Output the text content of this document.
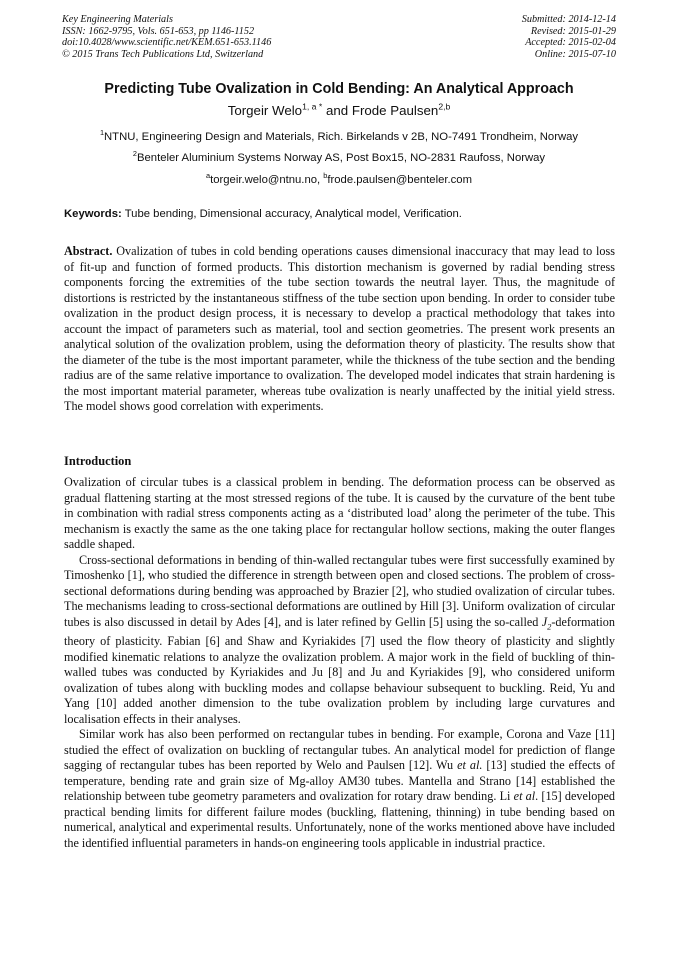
Key Engineering Materials
ISSN: 1662-9795, Vols. 651-653, pp 1146-1152
doi:10.4028/www.scientific.net/KEM.651-653.1146
© 2015 Trans Tech Publications Ltd, Switzerland
Submitted: 2014-12-14
Revised: 2015-01-29
Accepted: 2015-02-04
Online: 2015-07-10
Predicting Tube Ovalization in Cold Bending: An Analytical Approach
Torgeir Welo$^{1, a *}$ and Frode Paulsen$^{2,b}$
$^1$NTNU, Engineering Design and Materials, Rich. Birkelands v 2B, NO-7491 Trondheim, Norway
$^2$Benteler Aluminium Systems Norway AS, Post Box15, NO-2831 Raufoss, Norway
$^a$torgeir.welo@ntnu.no, $^b$frode.paulsen@benteler.com
Keywords: Tube bending, Dimensional accuracy, Analytical model, Verification.

Abstract. Ovalization of tubes in cold bending operations causes dimensional inaccuracy that may lead to loss of fit-up and function of formed products. This distortion mechanism is governed by radial bending stress components forcing the extremities of the tube section towards the neutral layer. Thus, the magnitude of distortions is restricted by the instantaneous stiffness of the tube section upon bending. In order to consider tube ovalization in the product design process, it is necessary to develop a practical methodology that takes into account the impact of parameters such as material, tool and section geometries. The present work presents an analytical solution of the ovalization problem, using the deformation theory of plasticity. The results show that the diameter of the tube is the most important parameter, while the thickness of the tube section and the bending radius are of the same relative importance to ovalization. The developed model indicates that strain hardening is the most important material parameter, whereas tube ovalization is nearly unaffected by the initial yield stress. The model shows good correlation with experiments.

Introduction

Ovalization of circular tubes is a classical problem in bending. The deformation process can be observed as gradual flattening starting at the most stressed regions of the tube. It is caused by the curvature of the bent tube in combination with radial stress components acting as a ‘distributed load’ along the perimeter of the tube. This mechanism is exactly the same as the one taking place for rectangular hollow sections, making the outer flanges saddle shaped.

Cross-sectional deformations in bending of thin-walled rectangular tubes were first successfully examined by Timoshenko [1], who studied the difference in strength between open and closed sections. The problem of cross-sectional deformations during bending was approached by Brazier [2], who studied ovalization of circular tubes. The mechanisms leading to cross-sectional deformations are outlined by Hill [3]. Uniform ovalization of circular tubes is also discussed in detail by Ades [4], and is later refined by Gellin [5] using the so-called $J_2$-deformation theory of plasticity. Fabian [6] and Shaw and Kyriakides [7] used the flow theory of plasticity and slightly modified kinematic relations to analyze the ovalization problem. A major work in the field of buckling of thin-walled tubes was conducted by Kyriakides and Ju [8] and Ju and Kyriakides [9], who considered uniform ovalization of tubes along with buckling modes and collapse behaviour subsequent to buckling. Reid, Yu and Yang [10] added another dimension to the tube ovalization problem by including large curvatures and localisation effects in their analyses.

Similar work has also been performed on rectangular tubes in bending. For example, Corona and Vaze [11] studied the effect of ovalization on buckling of rectangular tubes. An analytical model for prediction of flange sagging of rectangular tubes has been reported by Welo and Paulsen [12]. Wu et al. [13] studied the effects of temperature, bending rate and grain size of Mg-alloy AM30 tubes. Mantella and Strano [14] established the relationship between tube geometry parameters and ovalization for rotary draw bending. Li et al. [15] developed practical bending limits for different failure modes (buckling, flattening, thinning) in tube bending based on numerical, analytical and experimental results. Unfortunately, none of the works mentioned above have included the identified influential parameters in hands-on engineering tools applicable in industrial practice.
